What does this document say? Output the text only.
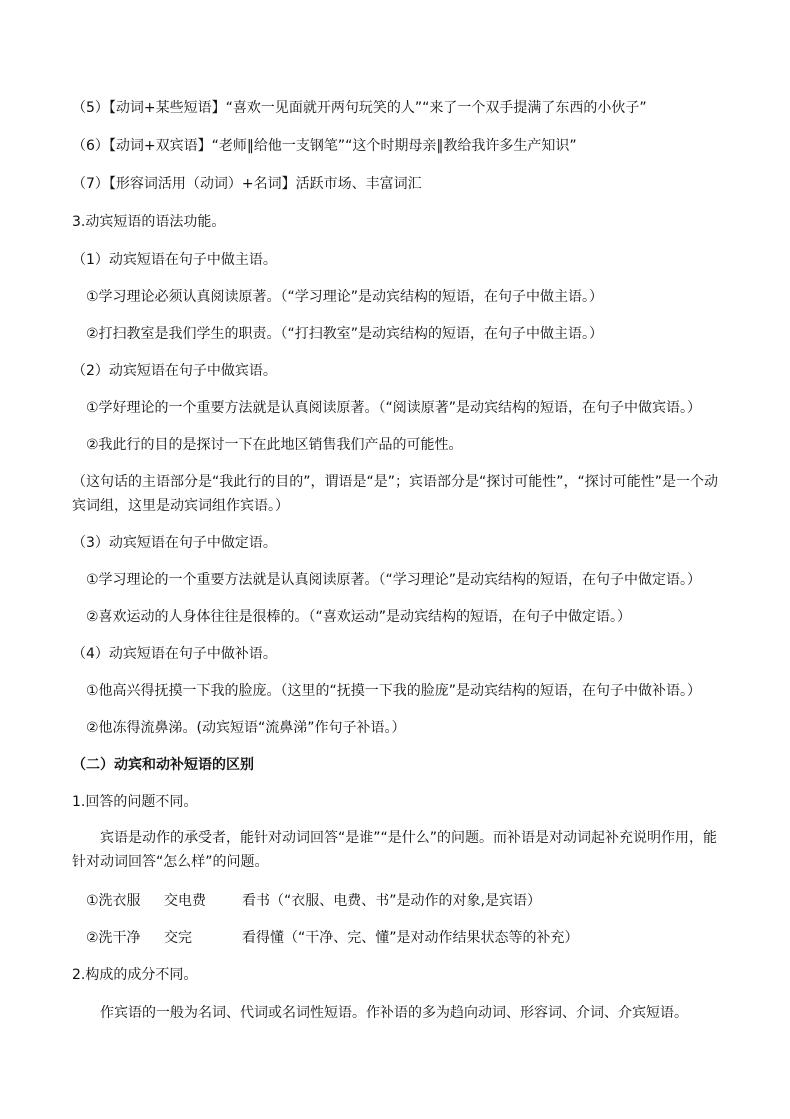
（5）【动词+某些短语】“喜欢一见面就开两句玩笑的人”“来了一个双手提满了东西的小伙子”

（6）【动词+双宾语】“老师‖给他一支钢笔”“这个时期母亲‖教给我许多生产知识”

（7）【形容词活用（动词）+名词】活跃市场、丰富词汇

3.动宾短语的语法功能。

（1）动宾短语在句子中做主语。

①学习理论必须认真阅读原著。（“学习理论”是动宾结构的短语，在句子中做主语。）

②打扫教室是我们学生的职责。（“打扫教室”是动宾结构的短语，在句子中做主语。）

（2）动宾短语在句子中做宾语。

①学好理论的一个重要方法就是认真阅读原著。（“阅读原著”是动宾结构的短语，在句子中做宾语。）

②我此行的目的是探讨一下在此地区销售我们产品的可能性。

（这句话的主语部分是“我此行的目的”，谓语是“是”；宾语部分是“探讨可能性”，“探讨可能性”是一个动宾词组，这里是动宾词组作宾语。）

（3）动宾短语在句子中做定语。

①学习理论的一个重要方法就是认真阅读原著。（“学习理论”是动宾结构的短语，在句子中做定语。）

②喜欢运动的人身体往往是很棒的。（“喜欢运动”是动宾结构的短语，在句子中做定语。）

（4）动宾短语在句子中做补语。

①他高兴得抚摸一下我的脸庞。（这里的“抚摸一下我的脸庞”是动宾结构的短语，在句子中做补语。）

②他冻得流鼻涕。(动宾短语“流鼻涕”作句子补语。）

（二）动宾和动补短语的区别

1.回答的问题不同。

宾语是动作的承受者，能针对动词回答“是谁”“是什么”的问题。而补语是对动词起补充说明作用，能针对动词回答“怎么样”的问题。

①洗衣服 交电费	看书（“衣服、电费、书”是动作的对象,是宾语）

②洗干净 交完	看得懂（“干净、完、懂”是对动作结果状态等的补充）

2.构成的成分不同。

作宾语的一般为名词、代词或名词性短语。作补语的多为趋向动词、形容词、介词、介宾短语。
